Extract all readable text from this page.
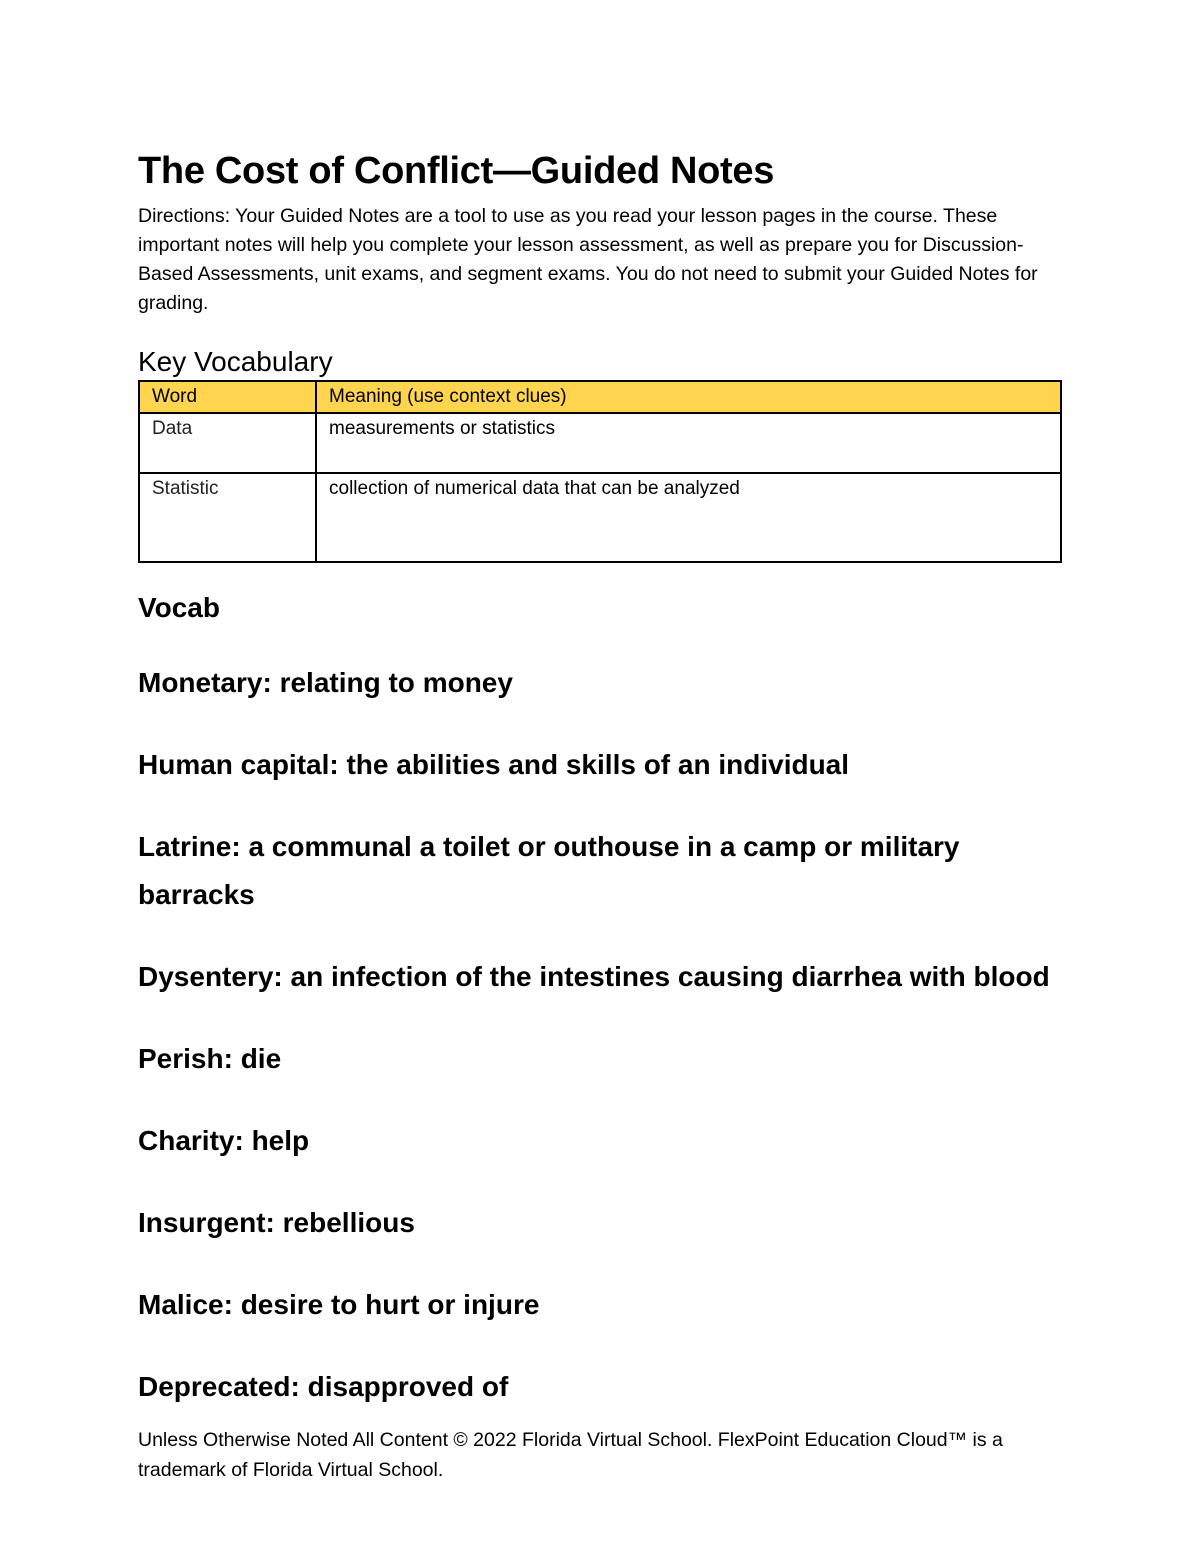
The Cost of Conflict—Guided Notes

Directions: Your Guided Notes are a tool to use as you read your lesson pages in the course. These important notes will help you complete your lesson assessment, as well as prepare you for Discussion-Based Assessments, unit exams, and segment exams. You do not need to submit your Guided Notes for grading.

Key Vocabulary
Word	Meaning (use context clues)
Data	measurements or statistics
Statistic	collection of numerical data that can be analyzed
Vocab
Monetary: relating to money
Human capital: the abilities and skills of an individual
Latrine: a communal a toilet or outhouse in a camp or military barracks
Dysentery: an infection of the intestines causing diarrhea with blood
Perish: die
Charity: help
Insurgent: rebellious
Malice: desire to hurt or injure
Deprecated: disapproved of
Unless Otherwise Noted All Content © 2022 Florida Virtual School. FlexPoint Education Cloud™ is a trademark of Florida Virtual School.
